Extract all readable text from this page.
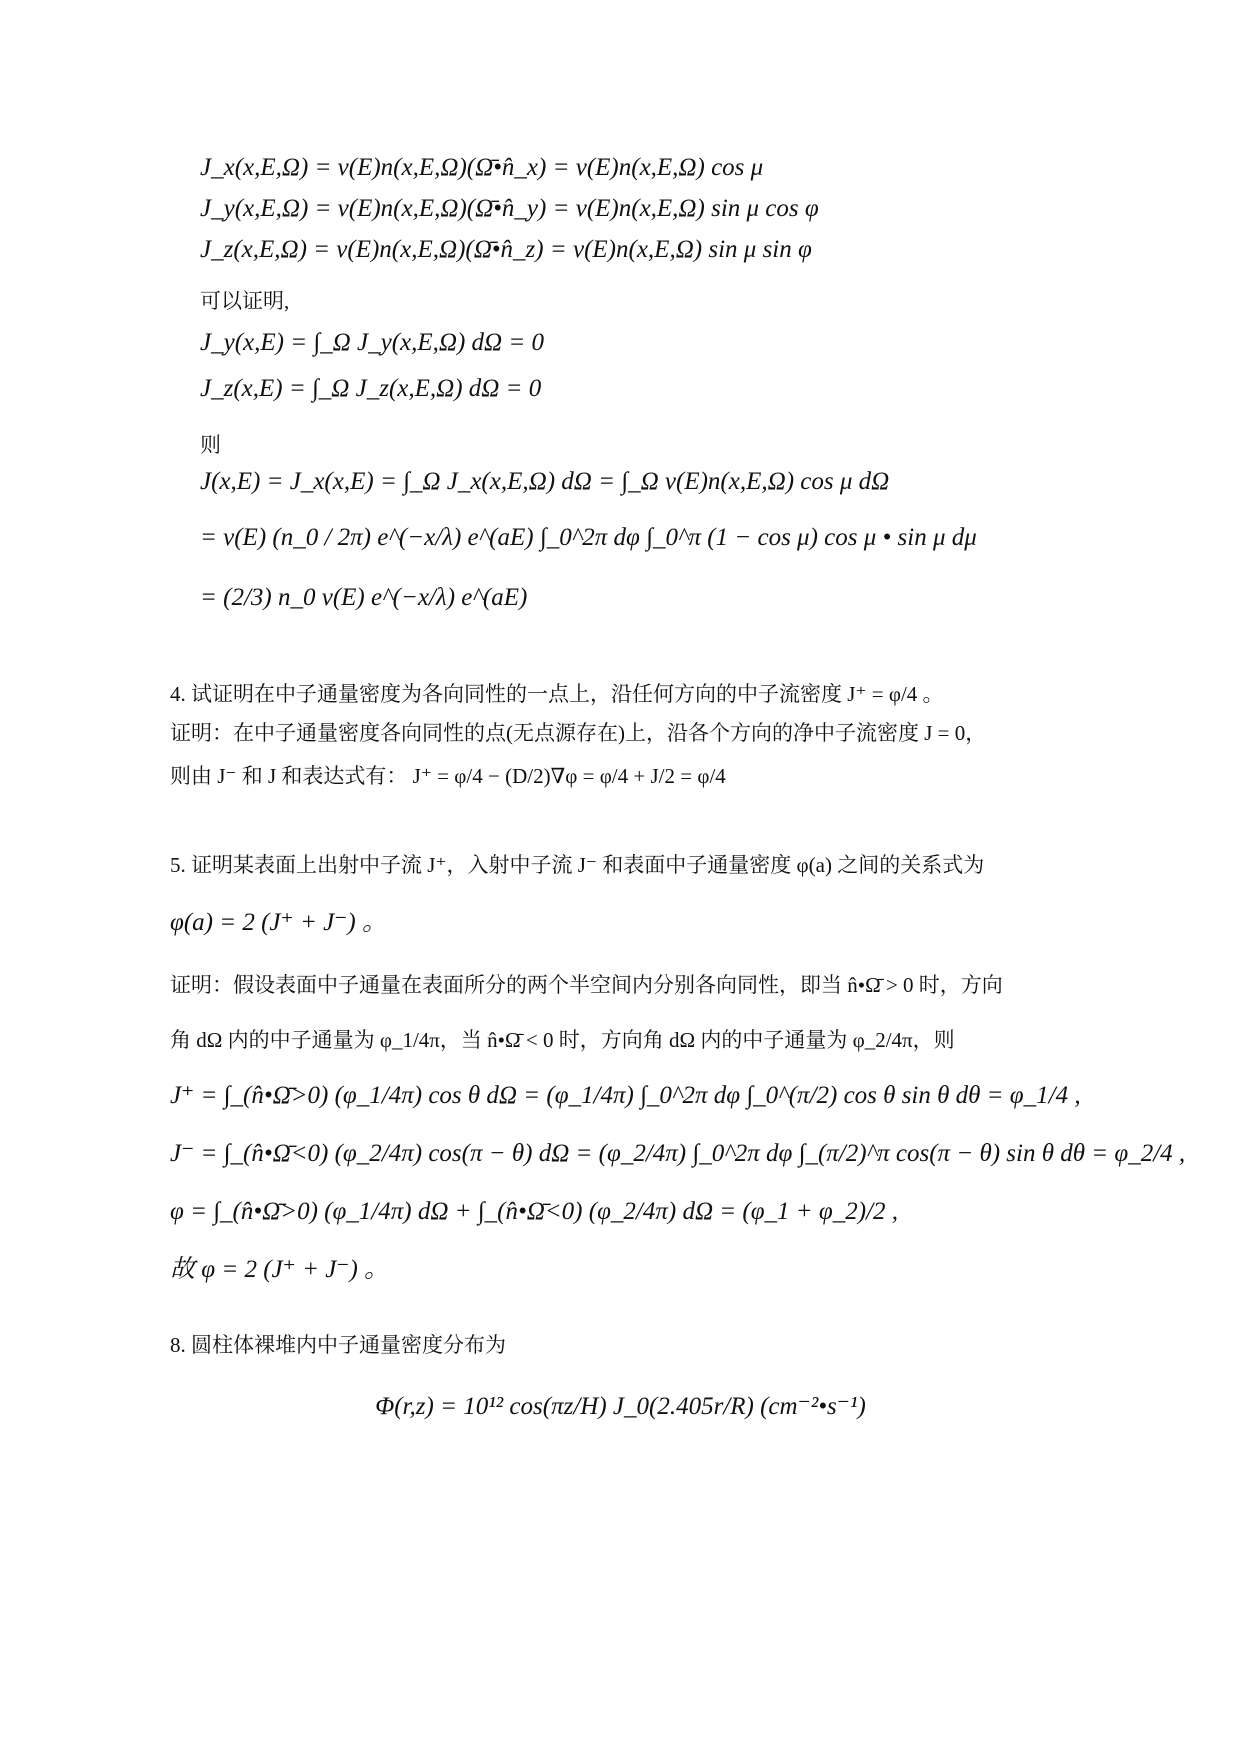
J_x(x,E,Ω) = v(E)n(x,E,Ω)(Ω̄•n̂_x) = v(E)n(x,E,Ω) cos μ
J_y(x,E,Ω) = v(E)n(x,E,Ω)(Ω̄•n̂_y) = v(E)n(x,E,Ω) sin μ cos φ
J_z(x,E,Ω) = v(E)n(x,E,Ω)(Ω̄•n̂_z) = v(E)n(x,E,Ω) sin μ sin φ
可以证明,
J_y(x,E) = ∫_Ω J_y(x,E,Ω) dΩ = 0
J_z(x,E) = ∫_Ω J_z(x,E,Ω) dΩ = 0
则
J(x,E) = J_x(x,E) = ∫_Ω J_x(x,E,Ω) dΩ = ∫_Ω v(E)n(x,E,Ω) cos μ dΩ
= v(E) (n_0 / 2π) e^(−x/λ) e^(aE) ∫_0^2π dφ ∫_0^π (1 − cos μ) cos μ • sin μ dμ
= (2/3) n_0 v(E) e^(−x/λ) e^(aE)
4. 试证明在中子通量密度为各向同性的一点上，沿任何方向的中子流密度 J⁺ = φ/4 。
证明：在中子通量密度各向同性的点(无点源存在)上，沿各个方向的净中子流密度 J = 0，
则由 J⁻ 和 J 和表达式有： J⁺ = φ/4 − (D/2)∇φ = φ/4 + J/2 = φ/4
5. 证明某表面上出射中子流 J⁺，入射中子流 J⁻ 和表面中子通量密度 φ(a) 之间的关系式为
φ(a) = 2 (J⁺ + J⁻) 。
证明：假设表面中子通量在表面所分的两个半空间内分别各向同性，即当 n̂•Ω̄ > 0 时，方向
角 dΩ 内的中子通量为 φ_1/4π，当 n̂•Ω̄ < 0 时，方向角 dΩ 内的中子通量为 φ_2/4π，则
J⁺ = ∫_(n̂•Ω̄>0) (φ_1/4π) cos θ dΩ = (φ_1/4π) ∫_0^2π dφ ∫_0^(π/2) cos θ sin θ dθ = φ_1/4 ,
J⁻ = ∫_(n̂•Ω̄<0) (φ_2/4π) cos(π − θ) dΩ = (φ_2/4π) ∫_0^2π dφ ∫_(π/2)^π cos(π − θ) sin θ dθ = φ_2/4 ,
φ = ∫_(n̂•Ω̄>0) (φ_1/4π) dΩ + ∫_(n̂•Ω̄<0) (φ_2/4π) dΩ = (φ_1 + φ_2)/2 ,
故 φ = 2 (J⁺ + J⁻) 。
8. 圆柱体裸堆内中子通量密度分布为
Φ(r,z) = 10¹² cos(πz/H) J_0(2.405r/R) (cm⁻²•s⁻¹)
